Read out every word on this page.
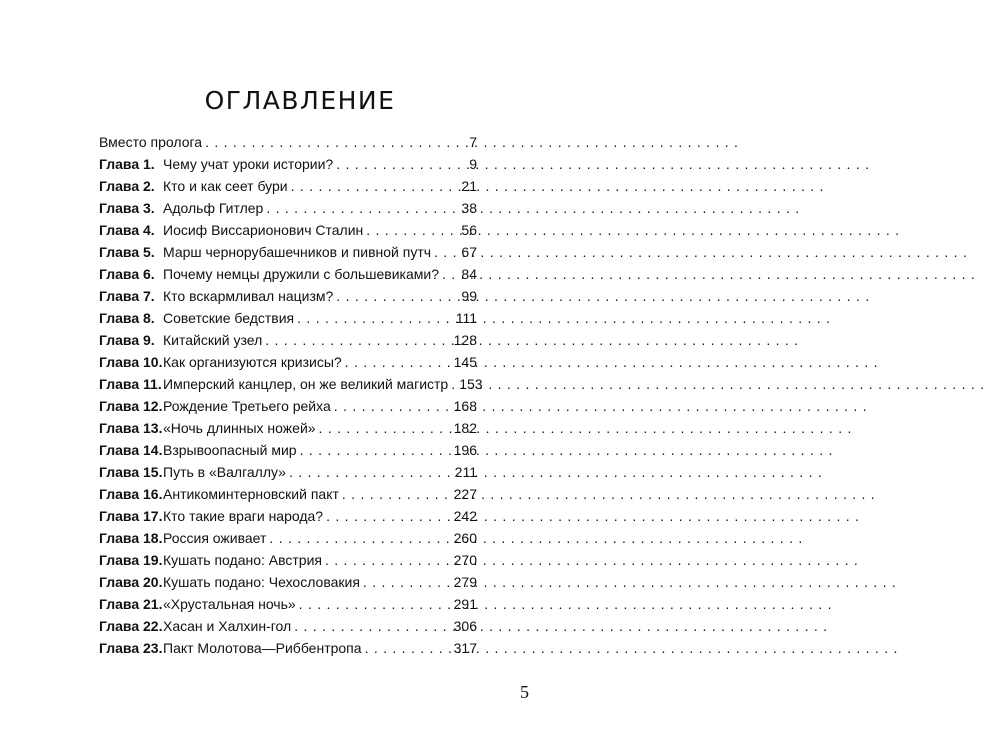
ОГЛАВЛЕНИЕ
Вместо пролога . . .	7
Глава 1. Чему учат уроки истории? . . .	9
Глава 2. Кто и как сеет бури . . .	21
Глава 3. Адольф Гитлер . . .	38
Глава 4. Иосиф Виссарионович Сталин . . .	56
Глава 5. Марш чернорубашечников и пивной путч . . . 67
Глава 6. Почему немцы дружили с большевиками? . . . 84
Глава 7. Кто вскармливал нацизм? . . .	99
Глава 8. Советские бедствия . . .	111
Глава 9. Китайский узел . . .	128
Глава 10. Как организуются кризисы? . . .	145
Глава 11. Имперский канцлер, он же великий магистр . . . 153
Глава 12. Рождение Третьего рейха . . .	168
Глава 13. «Ночь длинных ножей» . . .	182
Глава 14. Взрывоопасный мир . . .	196
Глава 15. Путь в «Валгаллу» . . .	211
Глава 16. Антикоминтерновский пакт . . .	227
Глава 17. Кто такие враги народа? . . .	242
Глава 18. Россия оживает . . .	260
Глава 19. Кушать подано: Австрия . . .	270
Глава 20. Кушать подано: Чехословакия . . .	279
Глава 21. «Хрустальная ночь» . . .	291
Глава 22. Хасан и Халхин-гол . . .	306
Глава 23. Пакт Молотова—Риббентропа . . .	317
5
